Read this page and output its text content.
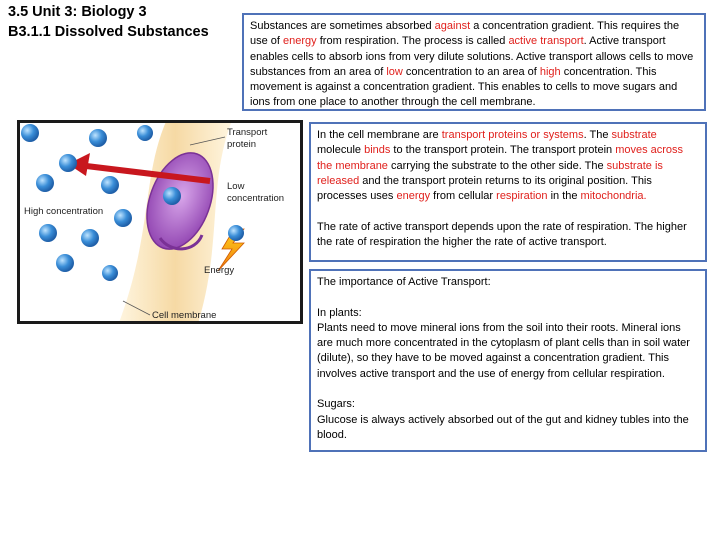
3.5 Unit 3: Biology 3
B3.1.1 Dissolved Substances	Substances are sometimes absorbed against a concentration gradient. This requires the use of energy from respiration. The process is called active transport. Active transport enables cells to absorb ions from very dilute solutions. Active transport allows cells to move substances from an area of low concentration to an area of high concentration. This movement is against a concentration gradient. This enables to cells to move sugars and ions from one place to another through the cell membrane.

Transport
protein
Low
concentration
High concentration
Energy
Cell membrane

In the cell membrane are transport proteins or systems. The substrate molecule binds to the transport protein. The transport protein moves across the membrane carrying the substrate to the other side. The substrate is released and the transport protein returns to its original position. This processes uses energy from cellular respiration in the mitochondria.

The rate of active transport depends upon the rate of respiration. The higher the rate of respiration the higher the rate of active transport.

The importance of Active Transport:

In plants:

Plants need to move mineral ions from the soil into their roots. Mineral ions are much more concentrated in the cytoplasm of plant cells than in soil water (dilute), so they have to be moved against a concentration gradient. This involves active transport and the use of energy from cellular respiration.

Sugars:

Glucose is always actively absorbed out of the gut and kidney tubles into the blood.
